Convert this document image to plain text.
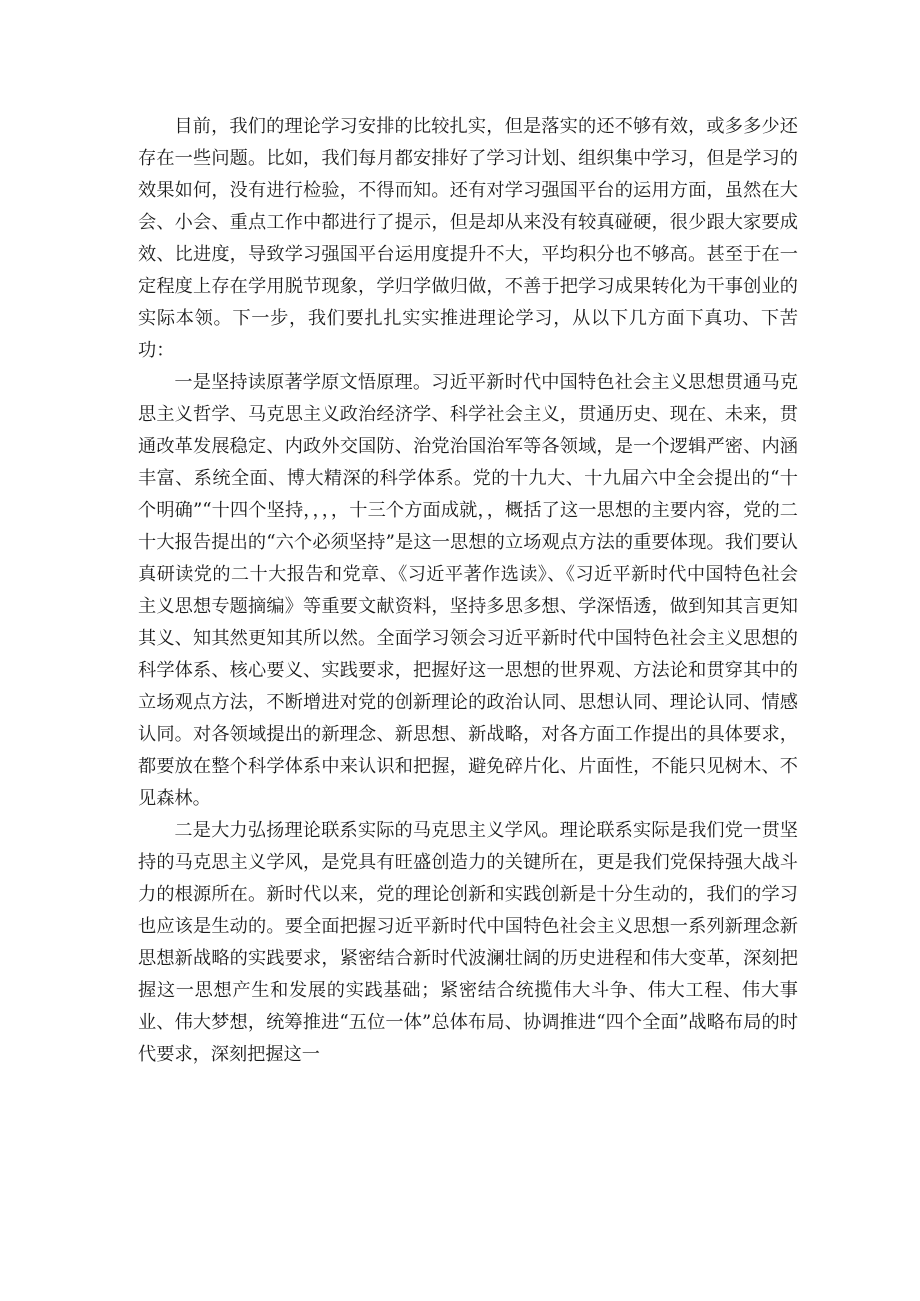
目前，我们的理论学习安排的比较扎实，但是落实的还不够有效，或多多少还存在一些问题。比如，我们每月都安排好了学习计划、组织集中学习，但是学习的效果如何，没有进行检验，不得而知。还有对学习强国平台的运用方面，虽然在大会、小会、重点工作中都进行了提示，但是却从来没有较真碰硬，很少跟大家要成效、比进度，导致学习强国平台运用度提升不大，平均积分也不够高。甚至于在一定程度上存在学用脱节现象，学归学做归做，不善于把学习成果转化为干事创业的实际本领。下一步，我们要扎扎实实推进理论学习，从以下几方面下真功、下苦功：

一是坚持读原著学原文悟原理。习近平新时代中国特色社会主义思想贯通马克思主义哲学、马克思主义政治经济学、科学社会主义，贯通历史、现在、未来，贯通改革发展稳定、内政外交国防、治党治国治军等各领域，是一个逻辑严密、内涵丰富、系统全面、博大精深的科学体系。党的十九大、十九届六中全会提出的“十个明确”“十四个坚持，，，，十三个方面成就，，概括了这一思想的主要内容，党的二十大报告提出的“六个必须坚持”是这一思想的立场观点方法的重要体现。我们要认真研读党的二十大报告和党章、《习近平著作选读》、《习近平新时代中国特色社会主义思想专题摘编》等重要文献资料，坚持多思多想、学深悟透，做到知其言更知其义、知其然更知其所以然。全面学习领会习近平新时代中国特色社会主义思想的科学体系、核心要义、实践要求，把握好这一思想的世界观、方法论和贯穿其中的立场观点方法，不断增进对党的创新理论的政治认同、思想认同、理论认同、情感认同。对各领域提出的新理念、新思想、新战略，对各方面工作提出的具体要求，都要放在整个科学体系中来认识和把握，避免碎片化、片面性，不能只见树木、不见森林。

二是大力弘扬理论联系实际的马克思主义学风。理论联系实际是我们党一贯坚持的马克思主义学风，是党具有旺盛创造力的关键所在，更是我们党保持强大战斗力的根源所在。新时代以来，党的理论创新和实践创新是十分生动的，我们的学习也应该是生动的。要全面把握习近平新时代中国特色社会主义思想一系列新理念新思想新战略的实践要求，紧密结合新时代波澜壮阔的历史进程和伟大变革，深刻把握这一思想产生和发展的实践基础；紧密结合统揽伟大斗争、伟大工程、伟大事业、伟大梦想，统筹推进“五位一体”总体布局、协调推进“四个全面”战略布局的时代要求，深刻把握这一
